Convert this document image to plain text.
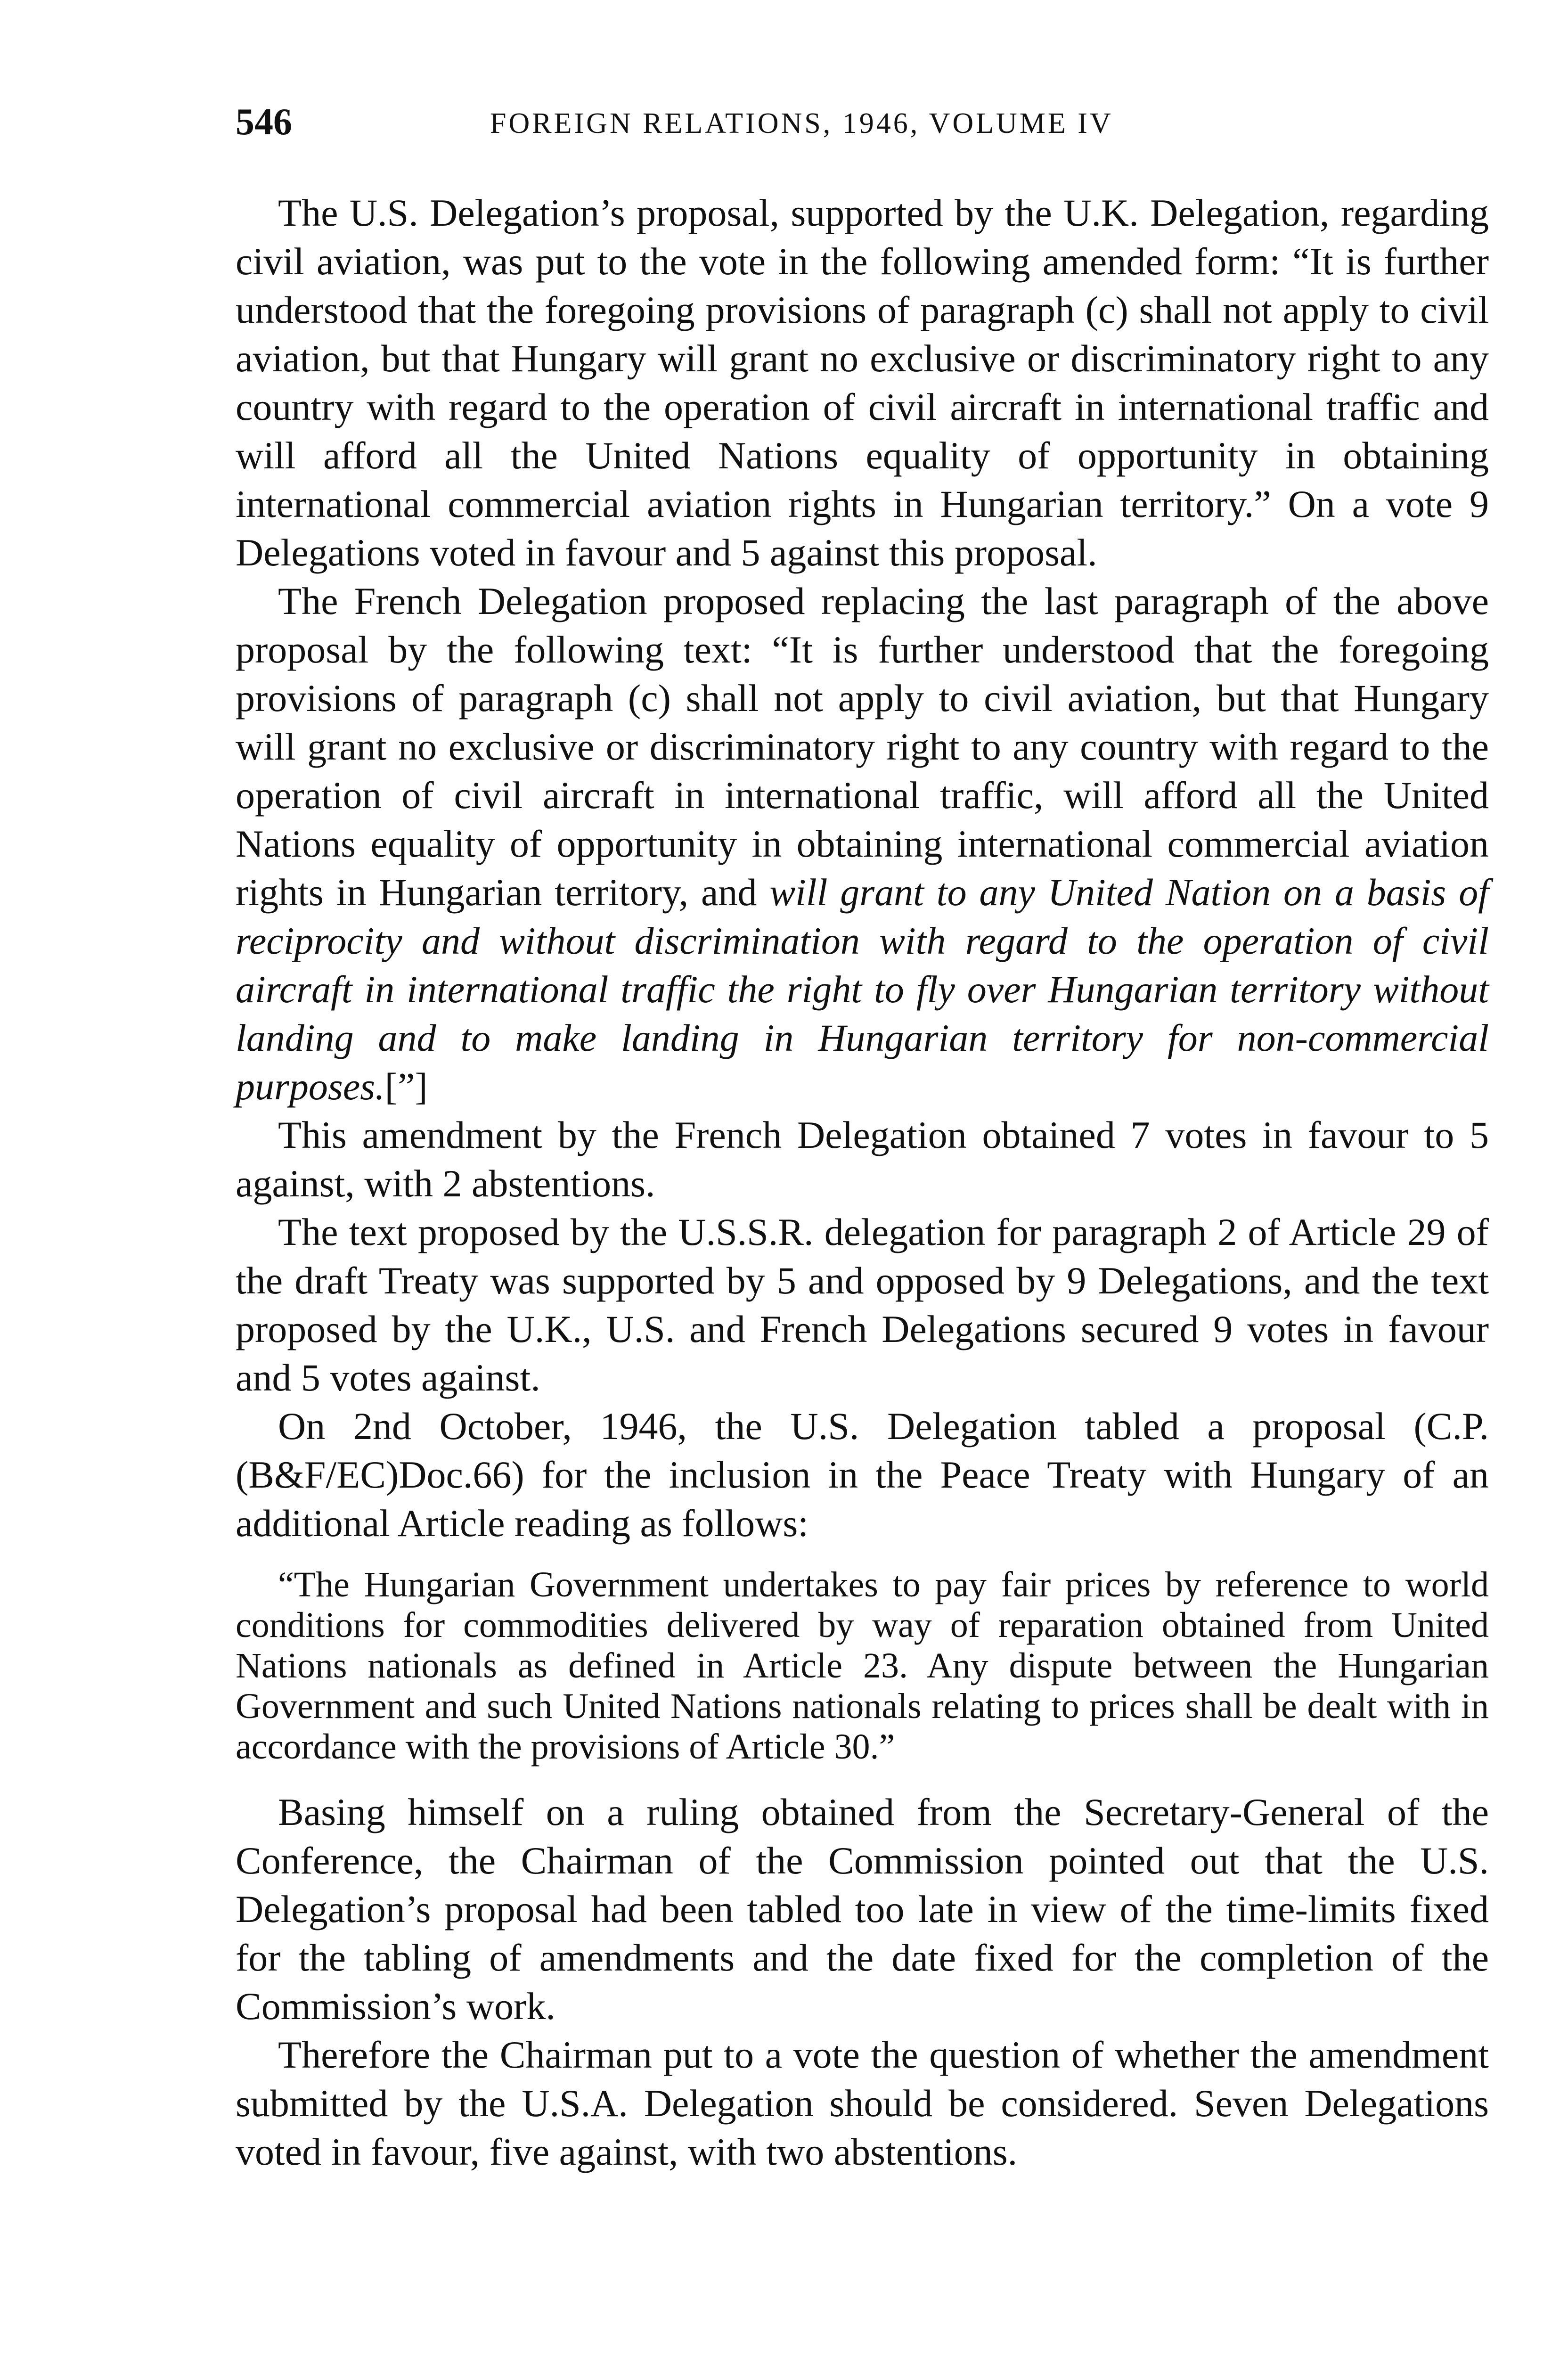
546	FOREIGN RELATIONS, 1946, VOLUME IV

The U.S. Delegation’s proposal, supported by the U.K. Delegation, regarding civil aviation, was put to the vote in the following amended form: “It is further understood that the foregoing provisions of paragraph (c) shall not apply to civil aviation, but that Hungary will grant no exclusive or discriminatory right to any country with regard to the operation of civil aircraft in international traffic and will afford all the United Nations equality of opportunity in obtaining international commercial aviation rights in Hungarian territory.” On a vote 9 Delegations voted in favour and 5 against this proposal.

The French Delegation proposed replacing the last paragraph of the above proposal by the following text: “It is further understood that the foregoing provisions of paragraph (c) shall not apply to civil aviation, but that Hungary will grant no exclusive or discriminatory right to any country with regard to the operation of civil aircraft in international traffic, will afford all the United Nations equality of opportunity in obtaining international commercial aviation rights in Hungarian territory, and will grant to any United Nation on a basis of reciprocity and without discrimination with regard to the operation of civil aircraft in international traffic the right to fly over Hungarian territory without landing and to make landing in Hungarian territory for non-commercial purposes.[”]

This amendment by the French Delegation obtained 7 votes in favour to 5 against, with 2 abstentions.

The text proposed by the U.S.S.R. delegation for paragraph 2 of Article 29 of the draft Treaty was supported by 5 and opposed by 9 Delegations, and the text proposed by the U.K., U.S. and French Delegations secured 9 votes in favour and 5 votes against.

On 2nd October, 1946, the U.S. Delegation tabled a proposal (C.P.(B&F/EC)Doc.66) for the inclusion in the Peace Treaty with Hungary of an additional Article reading as follows:

“The Hungarian Government undertakes to pay fair prices by reference to world conditions for commodities delivered by way of reparation obtained from United Nations nationals as defined in Article 23. Any dispute between the Hungarian Government and such United Nations nationals relating to prices shall be dealt with in accordance with the provisions of Article 30.”

Basing himself on a ruling obtained from the Secretary-General of the Conference, the Chairman of the Commission pointed out that the U.S. Delegation’s proposal had been tabled too late in view of the time-limits fixed for the tabling of amendments and the date fixed for the completion of the Commission’s work.

Therefore the Chairman put to a vote the question of whether the amendment submitted by the U.S.A. Delegation should be considered. Seven Delegations voted in favour, five against, with two abstentions.
